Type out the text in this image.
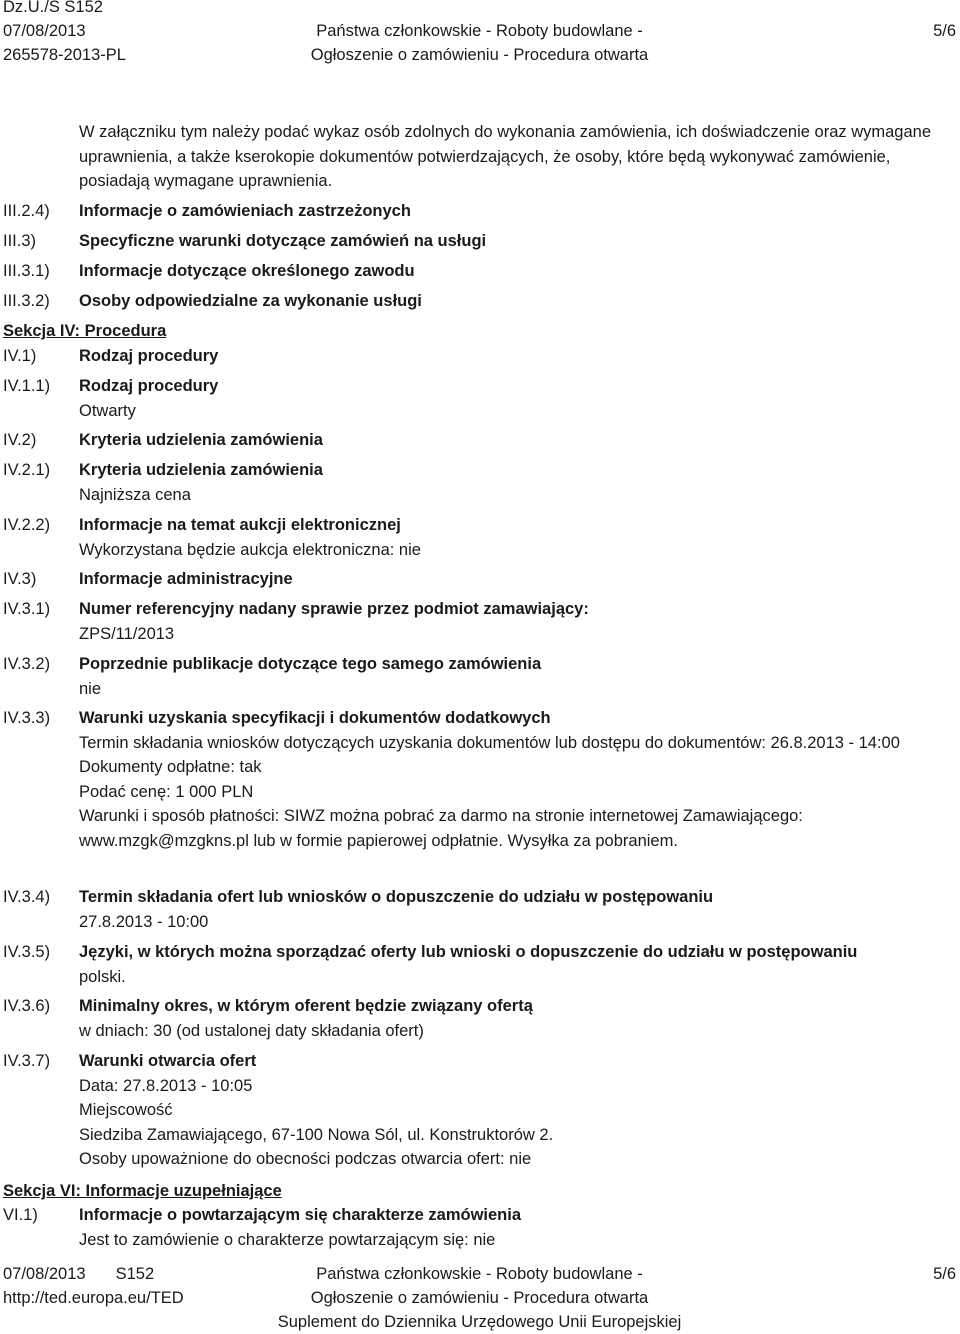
Dz.U./S S152
07/08/2013
265578-2013-PL
Państwa członkowskie - Roboty budowlane -
Ogłoszenie o zamówieniu - Procedura otwarta
5/6
W załączniku tym należy podać wykaz osób zdolnych do wykonania zamówienia, ich doświadczenie oraz wymagane uprawnienia, a także kserokopie dokumentów potwierdzających, że osoby, które będą wykonywać zamówienie, posiadają wymagane uprawnienia.
III.2.4)	Informacje o zamówieniach zastrzeżonych
III.3)	Specyficzne warunki dotyczące zamówień na usługi
III.3.1)	Informacje dotyczące określonego zawodu
III.3.2)	Osoby odpowiedzialne za wykonanie usługi
Sekcja IV: Procedura
IV.1)	Rodzaj procedury
IV.1.1)	Rodzaj procedury
Otwarty
IV.2)	Kryteria udzielenia zamówienia
IV.2.1)	Kryteria udzielenia zamówienia
Najniższa cena
IV.2.2)	Informacje na temat aukcji elektronicznej
Wykorzystana będzie aukcja elektroniczna: nie
IV.3)	Informacje administracyjne
IV.3.1)	Numer referencyjny nadany sprawie przez podmiot zamawiający:
ZPS/11/2013
IV.3.2)	Poprzednie publikacje dotyczące tego samego zamówienia
nie
IV.3.3)	Warunki uzyskania specyfikacji i dokumentów dodatkowych
Termin składania wniosków dotyczących uzyskania dokumentów lub dostępu do dokumentów: 26.8.2013 - 14:00
Dokumenty odpłatne: tak
Podać cenę: 1 000 PLN
Warunki i sposób płatności: SIWZ można pobrać za darmo na stronie internetowej Zamawiającego:
www.mzgk@mzgkns.pl lub w formie papierowej odpłatnie. Wysyłka za pobraniem.
IV.3.4)	Termin składania ofert lub wniosków o dopuszczenie do udziału w postępowaniu
27.8.2013 - 10:00
IV.3.5)	Języki, w których można sporządzać oferty lub wnioski o dopuszczenie do udziału w postępowaniu
polski.
IV.3.6)	Minimalny okres, w którym oferent będzie związany ofertą
w dniach: 30 (od ustalonej daty składania ofert)
IV.3.7)	Warunki otwarcia ofert
Data: 27.8.2013 - 10:05
Miejscowość
Siedziba Zamawiającego, 67-100 Nowa Sól, ul. Konstruktorów 2.
Osoby upoważnione do obecności podczas otwarcia ofert: nie
Sekcja VI: Informacje uzupełniające
VI.1)	Informacje o powtarzającym się charakterze zamówienia
Jest to zamówienie o charakterze powtarzającym się: nie
07/08/2013 S152
http://ted.europa.eu/TED
Państwa członkowskie - Roboty budowlane -
Ogłoszenie o zamówieniu - Procedura otwarta
Suplement do Dziennika Urzędowego Unii Europejskiej
5/6
